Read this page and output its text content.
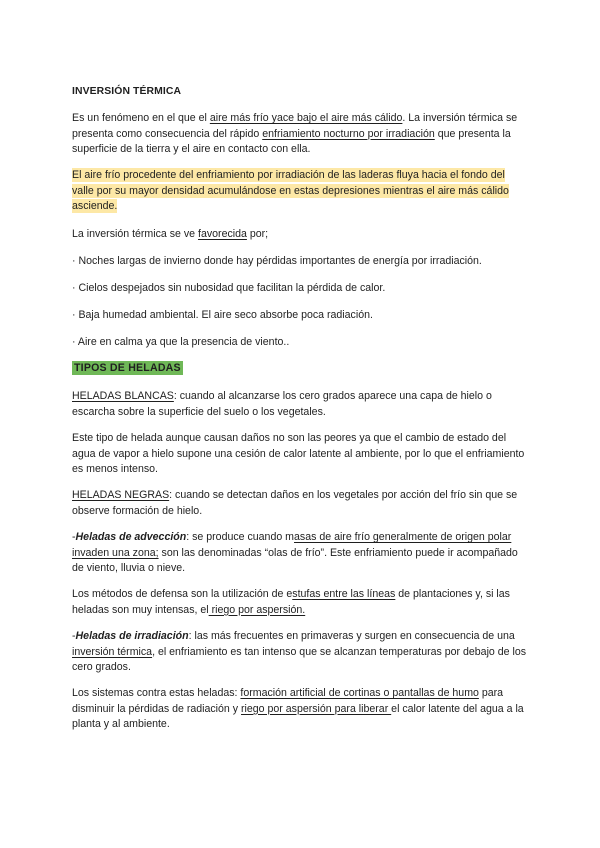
INVERSIÓN TÉRMICA

Es un fenómeno en el que el aire más frío yace bajo el aire más cálido. La inversión térmica se presenta como consecuencia del rápido enfriamiento nocturno por irradiación que presenta la superficie de la tierra y el aire en contacto con ella.

El aire frío procedente del enfriamiento por irradiación de las laderas fluya hacia el fondo del valle por su mayor densidad acumulándose en estas depresiones mientras el aire más cálido asciende.

La inversión térmica se ve favorecida por;

· Noches largas de invierno donde hay pérdidas importantes de energía por irradiación.

· Cielos despejados sin nubosidad que facilitan la pérdida de calor.

· Baja humedad ambiental. El aire seco absorbe poca radiación.

· Aire en calma ya que la presencia de viento..

TIPOS DE HELADAS

HELADAS BLANCAS: cuando al alcanzarse los cero grados aparece una capa de hielo o escarcha sobre la superficie del suelo o los vegetales.

Este tipo de helada aunque causan daños no son las peores ya que el cambio de estado del agua de vapor a hielo supone una cesión de calor latente al ambiente, por lo que el enfriamiento es menos intenso.

HELADAS NEGRAS: cuando se detectan daños en los vegetales por acción del frío sin que se observe formación de hielo.

-Heladas de advección: se produce cuando masas de aire frío generalmente de origen polar invaden una zona; son las denominadas “olas de frío”. Este enfriamiento puede ir acompañado de viento, lluvia o nieve.

Los métodos de defensa son la utilización de estufas entre las líneas de plantaciones y, si las heladas son muy intensas, el riego por aspersión.

-Heladas de irradiación: las más frecuentes en primaveras y surgen en consecuencia de una inversión térmica, el enfriamiento es tan intenso que se alcanzan temperaturas por debajo de los cero grados.

Los sistemas contra estas heladas: formación artificial de cortinas o pantallas de humo para disminuir la pérdidas de radiación y riego por aspersión para liberar el calor latente del agua a la planta y al ambiente.
